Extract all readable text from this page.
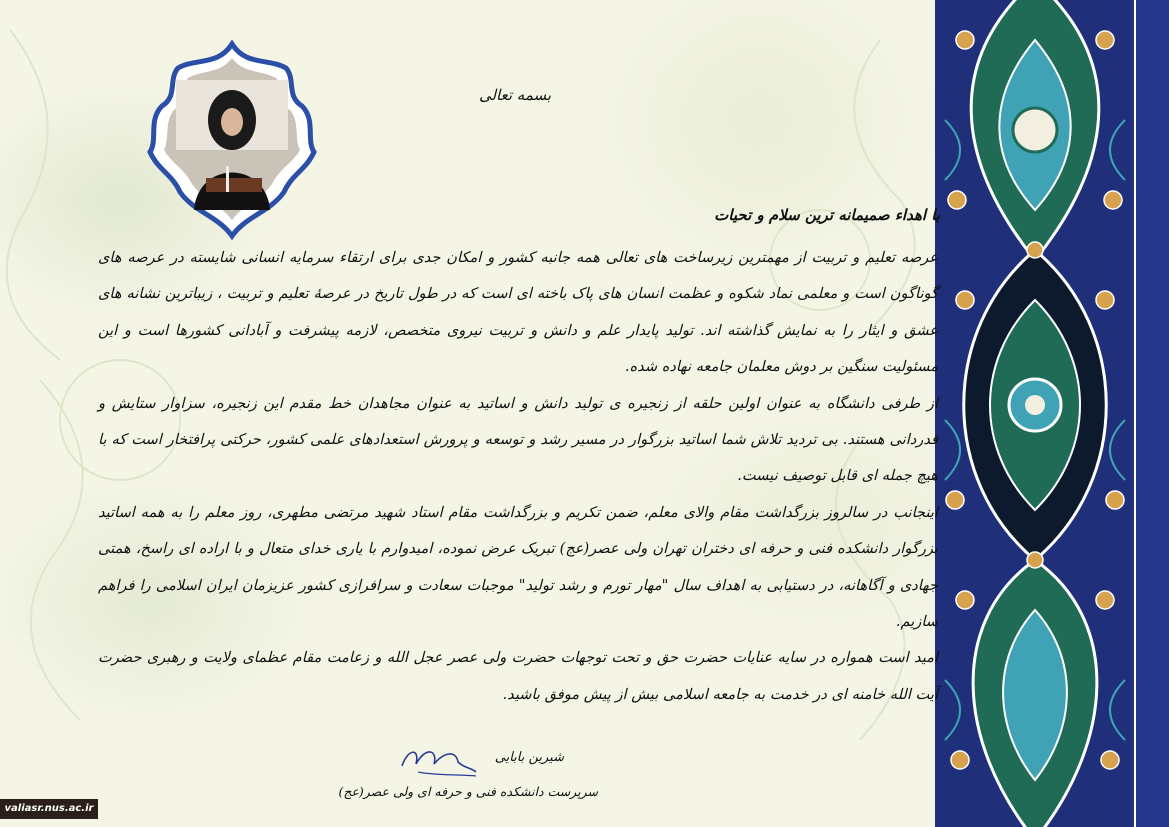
بسمه تعالی
با اهداء صمیمانه ترین سلام و تحیات

عرصه تعلیم و تربیت از مهمترین زیرساخت های تعالی همه جانبه کشور و امکان جدی برای ارتقاء سرمایه انسانی شایسته در عرصه های گوناگون است و معلمی نماد شکوه و عظمت انسان های پاک باخته ای است که در طول تاریخ در عرصۀ تعلیم و تربیت ، زیباترین نشانه های عشق و ایثار را به نمایش گذاشته اند. تولید پایدار علم و دانش و تربیت نیروی متخصص، لازمه پیشرفت و آبادانی کشورها است و این مسئولیت سنگین بر دوش معلمان جامعه نهاده شده.

از طرفی دانشگاه به عنوان اولین حلقه از زنجیره ی تولید دانش و اساتید به عنوان مجاهدان خط مقدم این زنجیره، سزاوار ستایش و قدردانی هستند. بی تردید تلاش شما اساتید بزرگوار در مسیر رشد و توسعه و پرورش استعدادهای علمی کشور، حرکتی پرافتخار است که با هیچ جمله ای قابل توصیف نیست.

اینجانب در سالروز بزرگداشت مقام والای معلم، ضمن تکریم و بزرگداشت مقام استاد شهید مرتضی مطهری، روز معلم را به همه اساتید بزرگوار دانشکده فنی و حرفه ای دختران تهران ولی عصر(عج) تبریک عرض نموده، امیدوارم با یاری خدای متعال و با اراده ای راسخ، همتی جهادی و آگاهانه، در دستیابی به اهداف سال "مهار تورم و رشد تولید" موجبات سعادت و سرافرازی کشور عزیزمان ایران اسلامی را فراهم سازیم.

امید است همواره در سایه عنایات حضرت حق و تحت توجهات حضرت ولی عصر عجل الله و زعامت مقام عظمای ولایت و رهبری حضرت آیت الله خامنه ای در خدمت به جامعه اسلامی بیش از پیش موفق باشید.

شیرین بابایی
سرپرست دانشکده فنی و حرفه ای ولی عصر(عج)
valiasr.nus.ac.ir
